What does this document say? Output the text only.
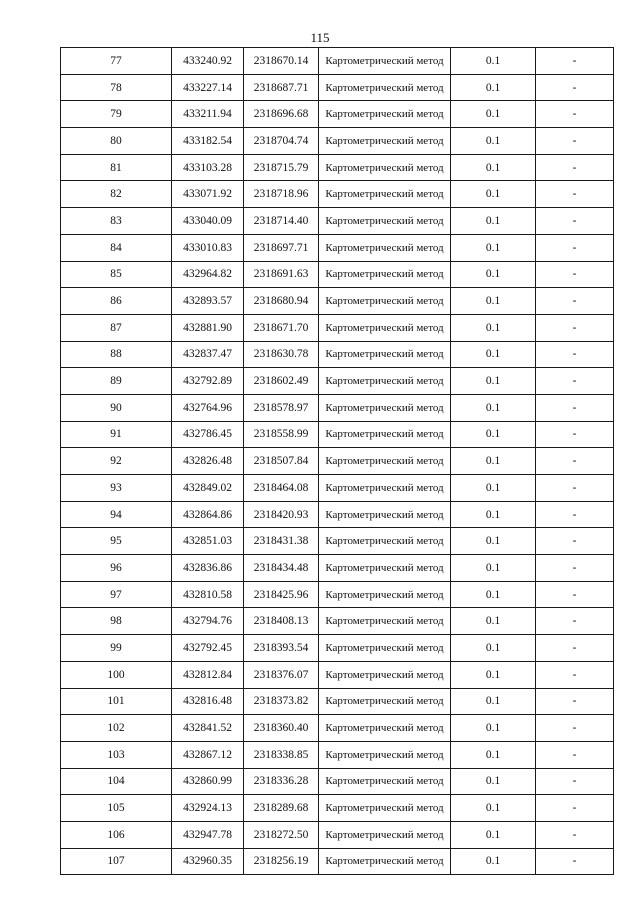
115
77	433240.92	2318670.14	Картометрический метод	0.1	-
78	433227.14	2318687.71	Картометрический метод	0.1	-
79	433211.94	2318696.68	Картометрический метод	0.1	-
80	433182.54	2318704.74	Картометрический метод	0.1	-
81	433103.28	2318715.79	Картометрический метод	0.1	-
82	433071.92	2318718.96	Картометрический метод	0.1	-
83	433040.09	2318714.40	Картометрический метод	0.1	-
84	433010.83	2318697.71	Картометрический метод	0.1	-
85	432964.82	2318691.63	Картометрический метод	0.1	-
86	432893.57	2318680.94	Картометрический метод	0.1	-
87	432881.90	2318671.70	Картометрический метод	0.1	-
88	432837.47	2318630.78	Картометрический метод	0.1	-
89	432792.89	2318602.49	Картометрический метод	0.1	-
90	432764.96	2318578.97	Картометрический метод	0.1	-
91	432786.45	2318558.99	Картометрический метод	0.1	-
92	432826.48	2318507.84	Картометрический метод	0.1	-
93	432849.02	2318464.08	Картометрический метод	0.1	-
94	432864.86	2318420.93	Картометрический метод	0.1	-
95	432851.03	2318431.38	Картометрический метод	0.1	-
96	432836.86	2318434.48	Картометрический метод	0.1	-
97	432810.58	2318425.96	Картометрический метод	0.1	-
98	432794.76	2318408.13	Картометрический метод	0.1	-
99	432792.45	2318393.54	Картометрический метод	0.1	-
100	432812.84	2318376.07	Картометрический метод	0.1	-
101	432816.48	2318373.82	Картометрический метод	0.1	-
102	432841.52	2318360.40	Картометрический метод	0.1	-
103	432867.12	2318338.85	Картометрический метод	0.1	-
104	432860.99	2318336.28	Картометрический метод	0.1	-
105	432924.13	2318289.68	Картометрический метод	0.1	-
106	432947.78	2318272.50	Картометрический метод	0.1	-
107	432960.35	2318256.19	Картометрический метод	0.1	-
